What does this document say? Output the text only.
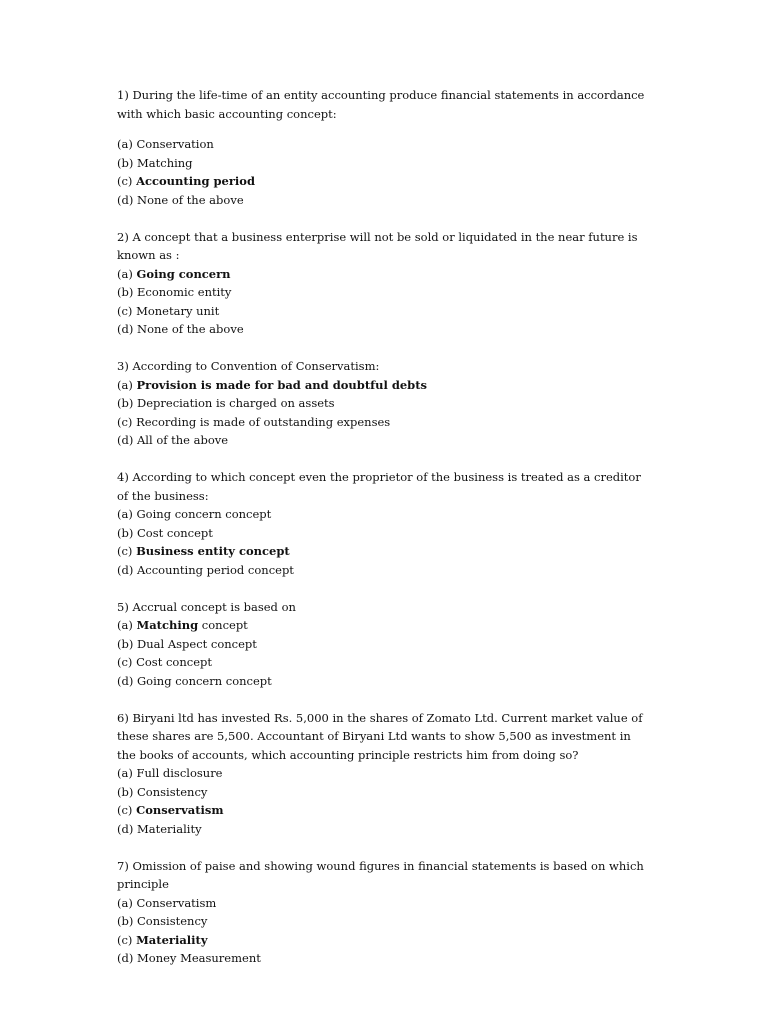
1) During the life-time of an entity accounting produce financial statements in accordance with which basic accounting concept:

(a) Conservation
(b) Matching
(c) Accounting period
(d) None of the above

2) A concept that a business enterprise will not be sold or liquidated in the near future is known as :

(a) Going concern
(b) Economic entity
(c) Monetary unit
(d) None of the above

3) According to Convention of Conservatism:

(a) Provision is made for bad and doubtful debts
(b) Depreciation is charged on assets
(c) Recording is made of outstanding expenses
(d) All of the above

4) According to which concept even the proprietor of the business is treated as a creditor of the business:

(a) Going concern concept
(b) Cost concept
(c) Business entity concept
(d) Accounting period concept

5) Accrual concept is based on

(a) Matching concept
(b) Dual Aspect concept
(c) Cost concept
(d) Going concern concept

6) Biryani ltd has invested Rs. 5,000 in the shares of Zomato Ltd. Current market value of these shares are 5,500. Accountant of Biryani Ltd wants to show 5,500 as investment in the books of accounts, which accounting principle restricts him from doing so?

(a) Full disclosure
(b) Consistency
(c) Conservatism
(d) Materiality

7) Omission of paise and showing wound figures in financial statements is based on which principle

(a) Conservatism
(b) Consistency
(c) Materiality
(d) Money Measurement
